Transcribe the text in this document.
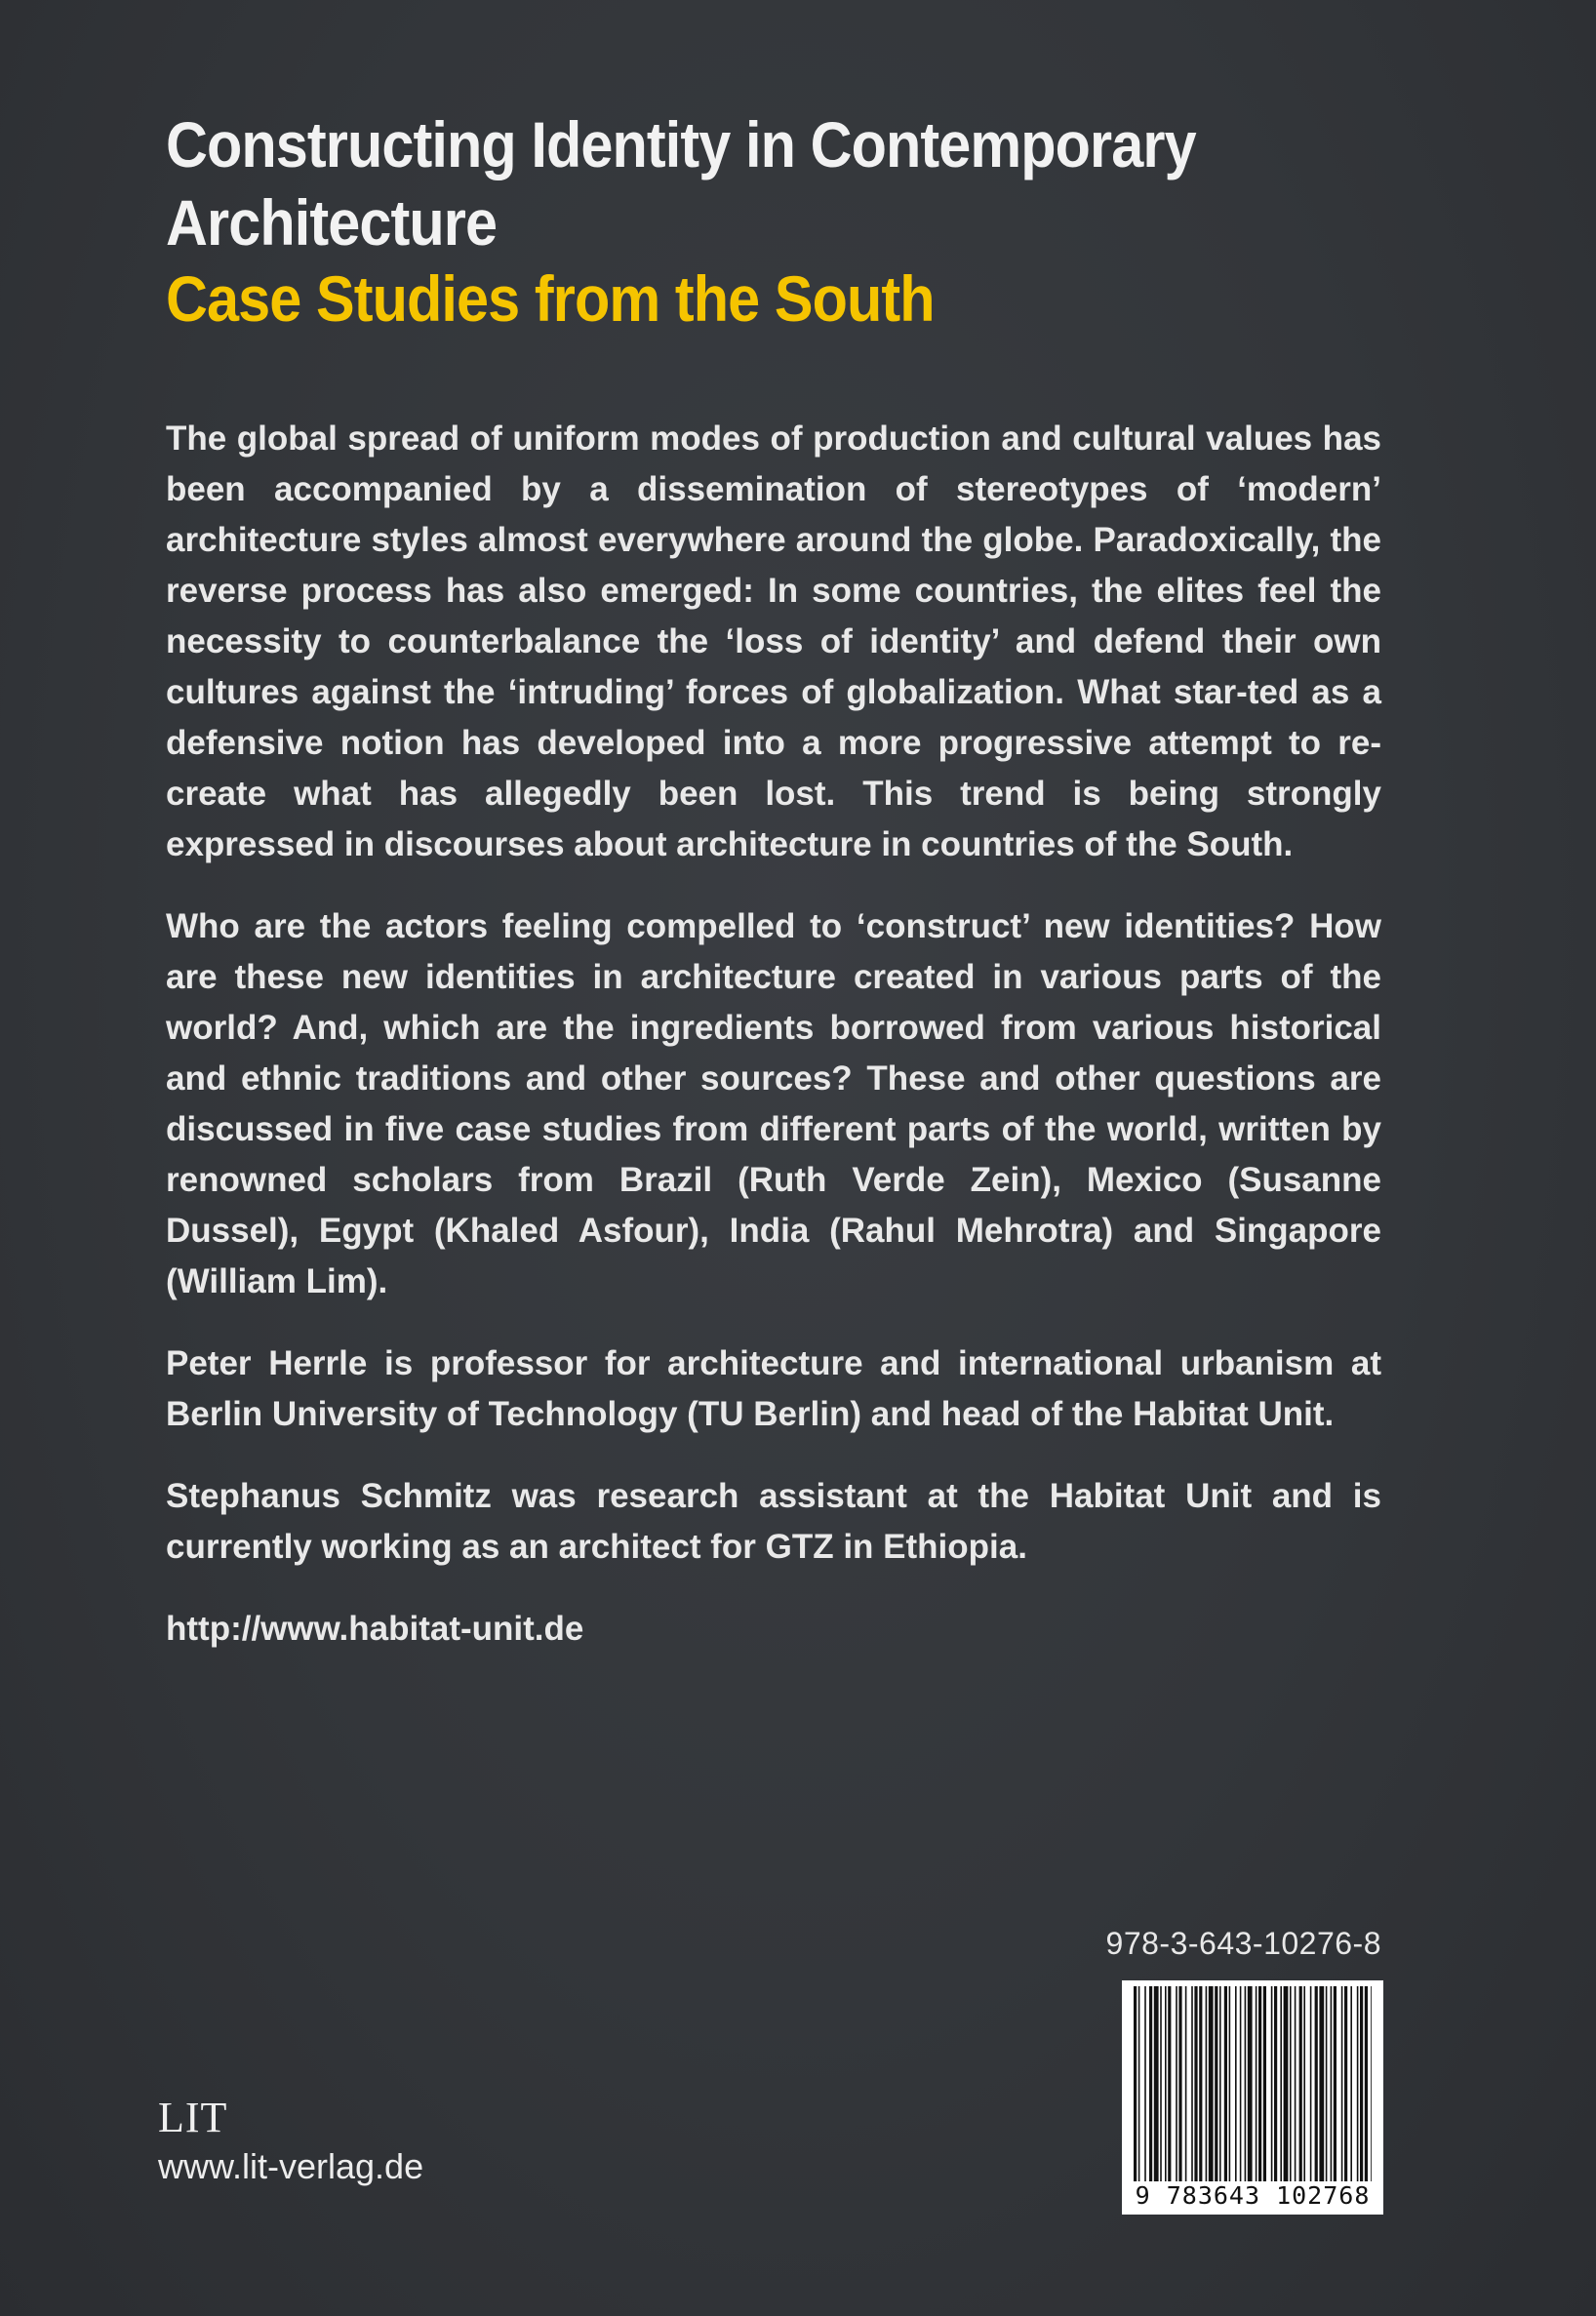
Constructing Identity in Contemporary Architecture
Case Studies from the South

The global spread of uniform modes of production and cultural values has been accompanied by a dissemination of stereotypes of ‘modern’ architecture styles almost everywhere around the globe. Paradoxically, the reverse process has also emerged: In some countries, the elites feel the necessity to counterbalance the ‘loss of identity’ and defend their own cultures against the ‘intruding’ forces of globalization. What star-ted as a defensive notion has developed into a more progressive attempt to re-create what has allegedly been lost. This trend is being strongly expressed in discourses about architecture in countries of the South.

Who are the actors feeling compelled to ‘construct’ new identities? How are these new identities in architecture created in various parts of the world? And, which are the ingredients borrowed from various historical and ethnic traditions and other sources? These and other questions are discussed in five case studies from different parts of the world, written by renowned scholars from Brazil (Ruth Verde Zein), Mexico (Susanne Dussel), Egypt (Khaled Asfour), India (Rahul Mehrotra) and Singapore (William Lim).

Peter Herrle is professor for architecture and international urbanism at Berlin University of Technology (TU Berlin) and head of the Habitat Unit.

Stephanus Schmitz was research assistant at the Habitat Unit and is currently working as an architect for GTZ in Ethiopia.

http://www.habitat-unit.de

978-3-643-10276-8
9 783643 102768
LIT
www.lit-verlag.de
